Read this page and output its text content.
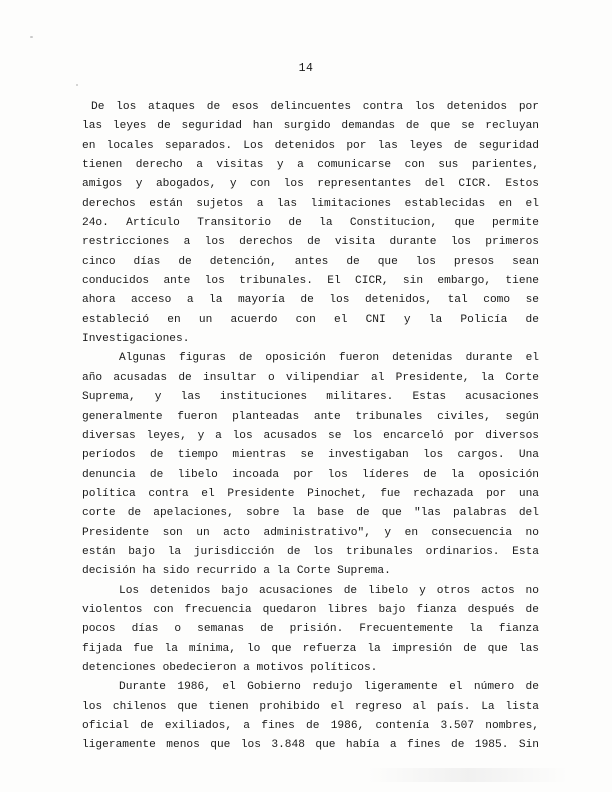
14
De los ataques de esos delincuentes contra los detenidos por
las leyes de seguridad han surgido demandas de que se recluyan
en locales separados. Los detenidos por las leyes de seguridad
tienen derecho a visitas y a comunicarse con sus parientes,
amigos y abogados, y con los representantes del CICR. Estos
derechos están sujetos a las limitaciones establecidas en el
24o. Artículo Transitorio de la Constitucion, que permite
restricciones a los derechos de visita durante los primeros
cinco días de detención, antes de que los presos sean
conducidos ante los tribunales. El CICR, sin embargo, tiene
ahora acceso a la mayoría de los detenidos, tal como se
estableció en un acuerdo con el CNI y la Policía de
Investigaciones.
Algunas figuras de oposición fueron detenidas durante el
año acusadas de insultar o vilipendiar al Presidente, la Corte
Suprema, y las instituciones militares. Estas acusaciones
generalmente fueron planteadas ante tribunales civiles, según
diversas leyes, y a los acusados se los encarceló por diversos
períodos de tiempo mientras se investigaban los cargos. Una
denuncia de libelo incoada por los líderes de la oposición
política contra el Presidente Pinochet, fue rechazada por una
corte de apelaciones, sobre la base de que "las palabras del
Presidente son un acto administrativo", y en consecuencia no
están bajo la jurisdicción de los tribunales ordinarios. Esta
decisión ha sido recurrido a la Corte Suprema.
Los detenidos bajo acusaciones de libelo y otros actos no
violentos con frecuencia quedaron libres bajo fianza después de
pocos días o semanas de prisión. Frecuentemente la fianza
fijada fue la mínima, lo que refuerza la impresión de que las
detenciones obedecieron a motivos políticos.
Durante 1986, el Gobierno redujo ligeramente el número de
los chilenos que tienen prohibido el regreso al país. La lista
oficial de exiliados, a fines de 1986, contenía 3.507 nombres,
ligeramente menos que los 3.848 que había a fines de 1985. Sin
